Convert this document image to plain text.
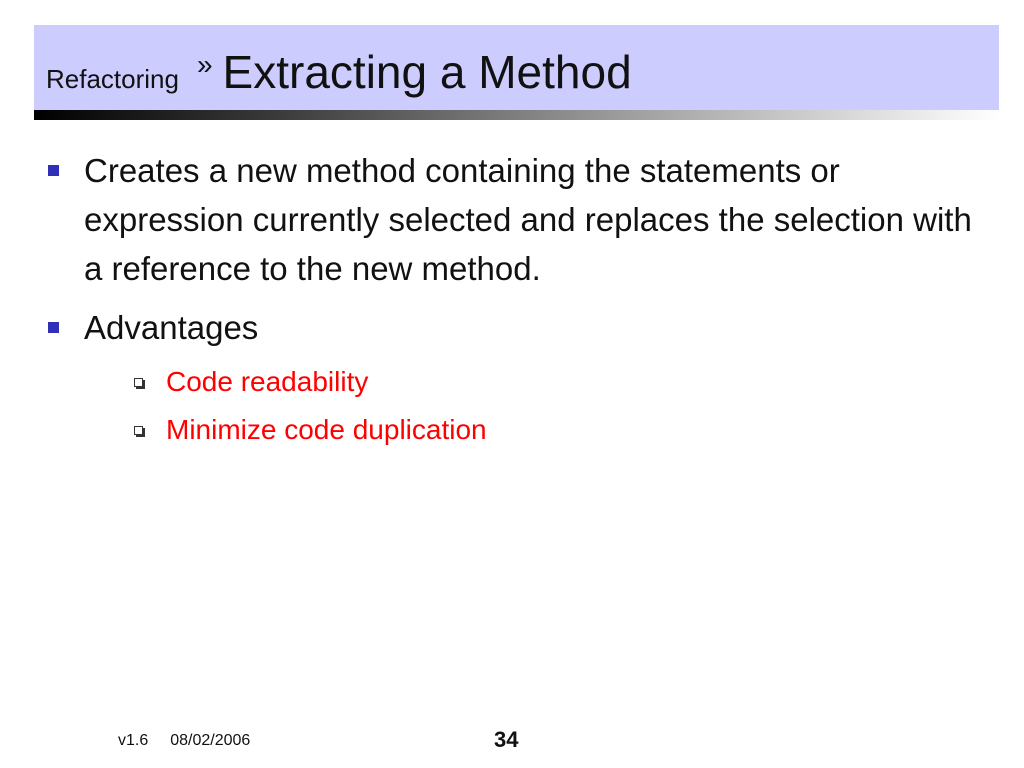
Refactoring » Extracting a Method
Creates a new method containing the statements or expression currently selected and replaces the selection with a reference to the new method.
Advantages
Code readability
Minimize code duplication
v1.6 08/02/2006	34
